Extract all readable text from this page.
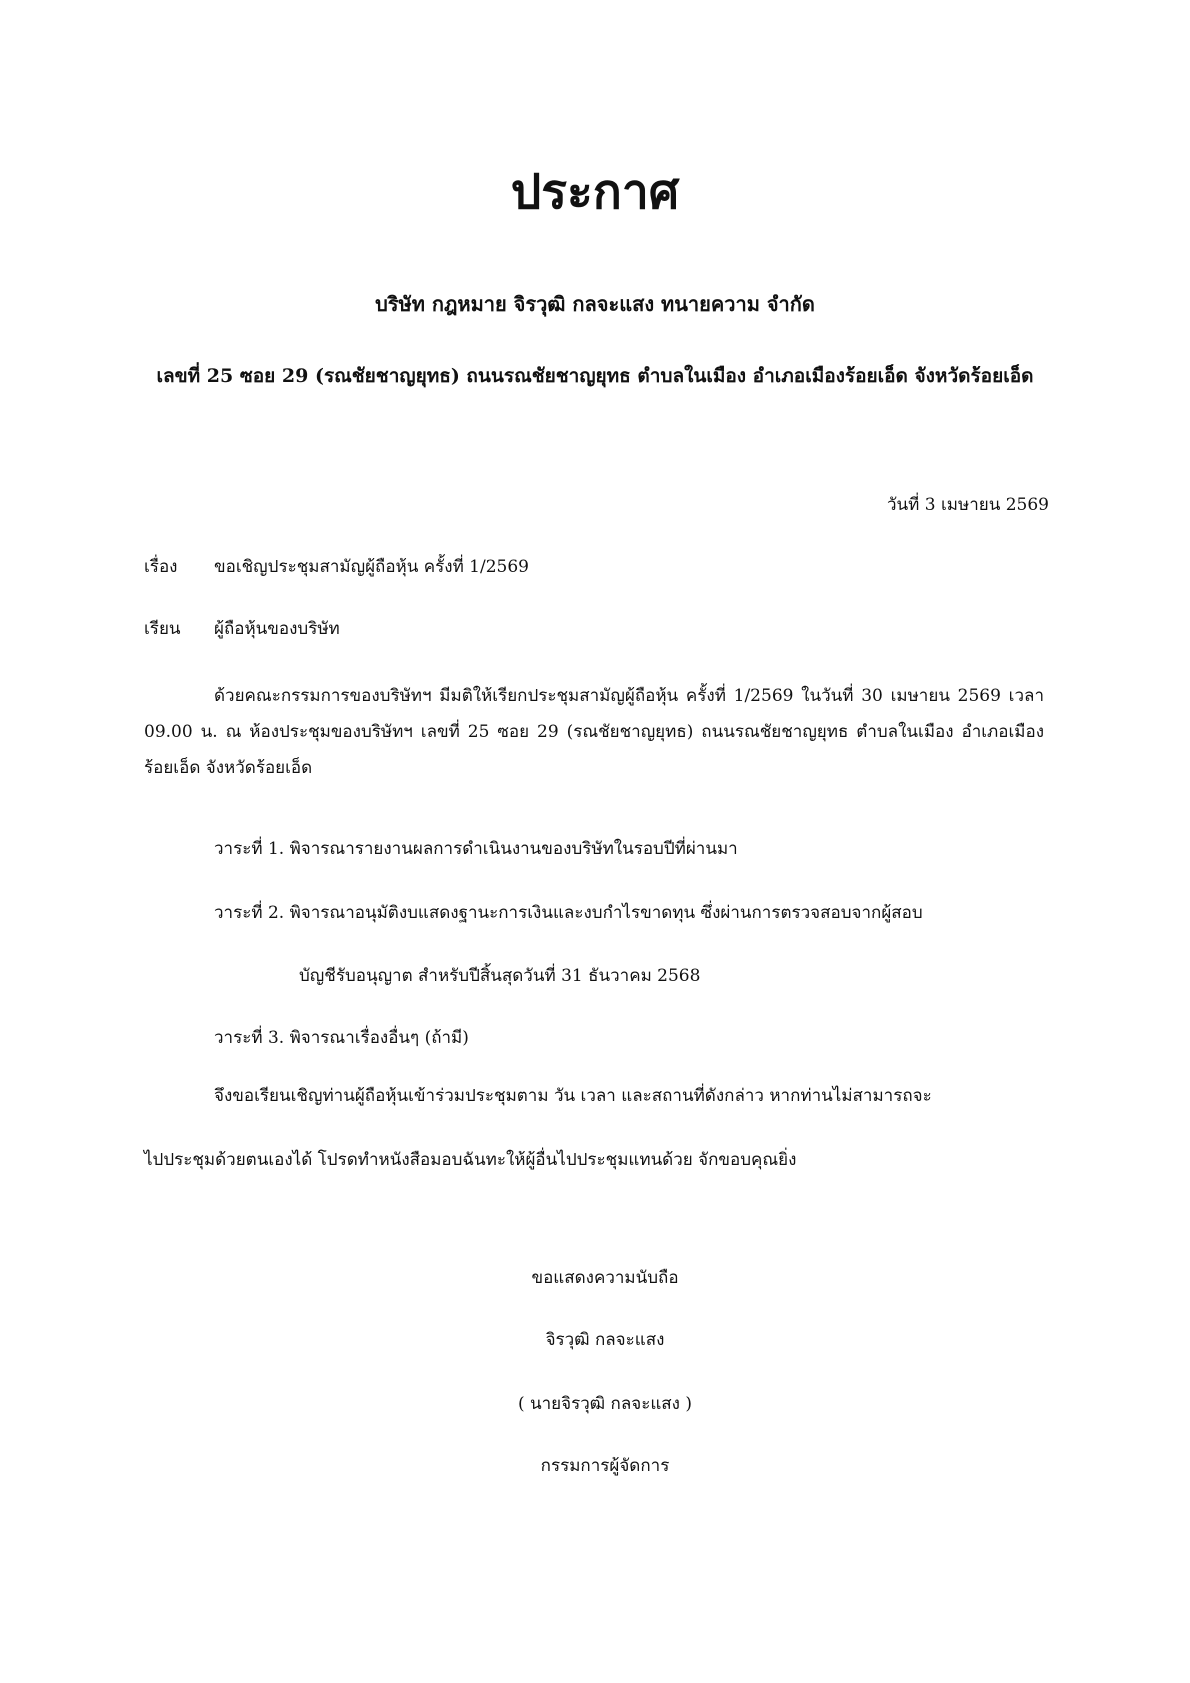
ประกาศ
บริษัท กฎหมาย จิรวุฒิ กลจะแสง ทนายความ จำกัด
เลขที่ 25 ซอย 29 (รณชัยชาญยุทธ) ถนนรณชัยชาญยุทธ ตำบลในเมือง อำเภอเมืองร้อยเอ็ด จังหวัดร้อยเอ็ด
วันที่ 3 เมษายน 2569
เรื่อง ขอเชิญประชุมสามัญผู้ถือหุ้น ครั้งที่ 1/2569
เรียน ผู้ถือหุ้นของบริษัท
ด้วยคณะกรรมการของบริษัทฯ มีมติให้เรียกประชุมสามัญผู้ถือหุ้น ครั้งที่ 1/2569 ในวันที่ 30 เมษายน 2569 เวลา 09.00 น. ณ ห้องประชุมของบริษัทฯ เลขที่ 25 ซอย 29 (รณชัยชาญยุทธ) ถนนรณชัยชาญยุทธ ตำบลในเมือง อำเภอเมืองร้อยเอ็ด จังหวัดร้อยเอ็ด
วาระที่ 1. พิจารณารายงานผลการดำเนินงานของบริษัทในรอบปีที่ผ่านมา
วาระที่ 2. พิจารณาอนุมัติงบแสดงฐานะการเงินและงบกำไรขาดทุน ซึ่งผ่านการตรวจสอบจากผู้สอบ
บัญชีรับอนุญาต สำหรับปีสิ้นสุดวันที่ 31 ธันวาคม 2568
วาระที่ 3. พิจารณาเรื่องอื่นๆ (ถ้ามี)
จึงขอเรียนเชิญท่านผู้ถือหุ้นเข้าร่วมประชุมตาม วัน เวลา และสถานที่ดังกล่าว หากท่านไม่สามารถจะ
ไปประชุมด้วยตนเองได้ โปรดทำหนังสือมอบฉันทะให้ผู้อื่นไปประชุมแทนด้วย จักขอบคุณยิ่ง
ขอแสดงความนับถือ
จิรวุฒิ กลจะแสง
( นายจิรวุฒิ กลจะแสง )
กรรมการผู้จัดการ
